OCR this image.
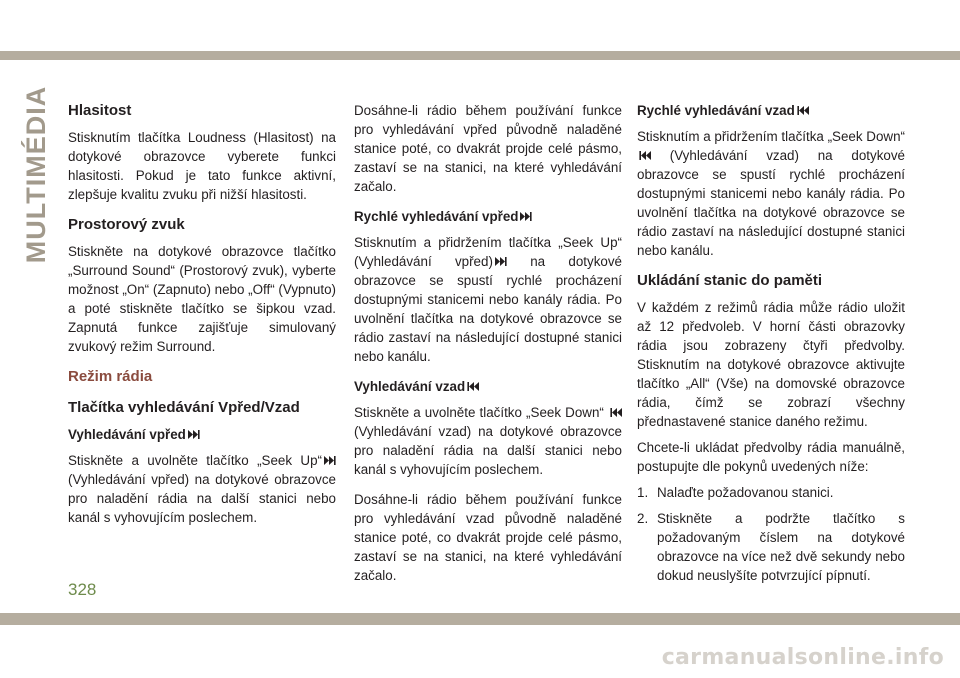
MULTIMÉDIA Hlasitost

Stisknutím tlačítka Loudness (Hlasitost) na dotykové obrazovce vyberete funkci hlasitosti. Pokud je tato funkce aktivní, zlepšuje kvalitu zvuku při nižší hlasitosti.

Prostorový zvuk

Stiskněte na dotykové obrazovce tlačítko „Surround Sound“ (Prostorový zvuk), vyberte možnost „On“ (Zapnuto) nebo „Off“ (Vypnuto) a poté stiskněte tlačítko se šipkou vzad. Zapnutá funkce zajišťuje simulovaný zvukový režim Surround.

Režim rádia
Tlačítka vyhledávání Vpřed/Vzad
Vyhledávání vpřed

Stiskněte a uvolněte tlačítko „Seek Up“
(Vyhledávání vpřed) na dotykové obrazovce pro naladění rádia na další stanici nebo kanál s vyhovujícím poslechem.

Dosáhne-li rádio během používání funkce pro vyhledávání vpřed původně naladěné stanice poté, co dvakrát projde celé pásmo, zastaví se na stanici, na které vyhledávání začalo.

Rychlé vyhledávání vpřed

Stisknutím a přidržením tlačítka „Seek Up“ (Vyhledávání vpřed)	na dotykové obrazovce se spustí rychlé procházení dostupnými stanicemi nebo kanály rádia. Po uvolnění tlačítka na dotykové obrazovce se rádio zastaví na následující dostupné stanici nebo kanálu.

Vyhledávání vzad

Stiskněte a uvolněte tlačítko „Seek Down“
(Vyhledávání vzad) na dotykové obrazovce pro naladění rádia na další stanici nebo kanál s vyhovujícím poslechem.

Dosáhne-li rádio během používání funkce pro vyhledávání vzad původně naladěné stanice poté, co dvakrát projde celé pásmo, zastaví se na stanici, na které vyhledávání začalo.

Rychlé vyhledávání vzad

Stisknutím a přidržením tlačítka „Seek Down“
(Vyhledávání vzad) na dotykové obrazovce se spustí rychlé procházení dostupnými stanicemi nebo kanály rádia. Po uvolnění tlačítka na dotykové obrazovce se rádio zastaví na následující dostupné stanici nebo kanálu.

Ukládání stanic do paměti

V každém z režimů rádia může rádio uložit až 12 předvoleb. V horní části obrazovky rádia jsou zobrazeny čtyři předvolby. Stisknutím na dotykové obrazovce aktivujte tlačítko „All“ (Vše) na domovské obrazovce rádia, čímž se zobrazí všechny přednastavené stanice daného režimu.

Chcete-li ukládat předvolby rádia manuálně, postupujte dle pokynů uvedených níže:

1. Nalaďte požadovanou stanici.
2. Stiskněte a podržte tlačítko s požadovaným číslem na dotykové obrazovce na více než dvě sekundy nebo dokud neuslyšíte potvrzující pípnutí.
328
carmanualsonline.info
